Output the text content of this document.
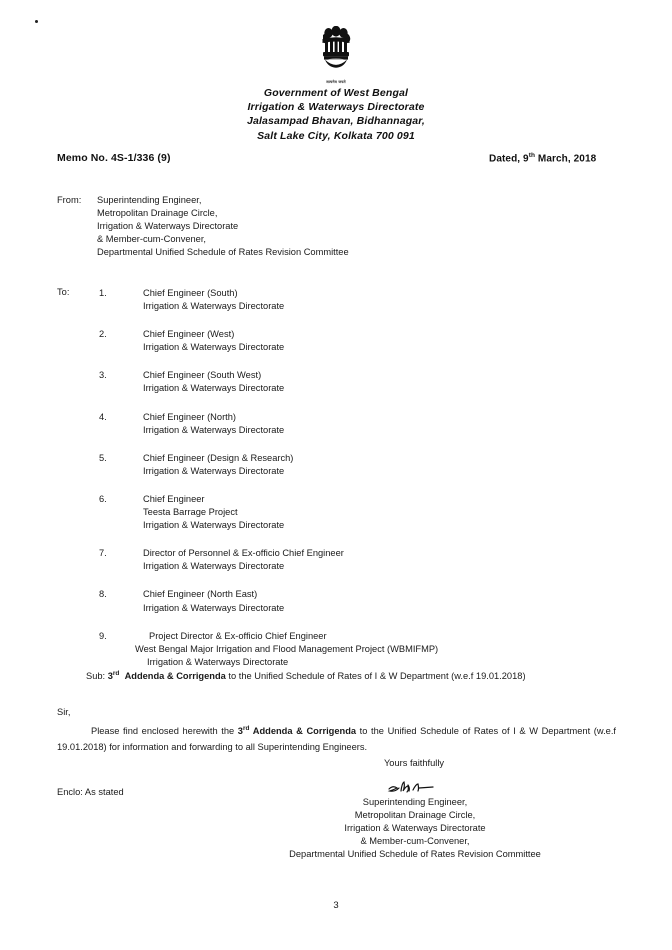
सत्यमेव जयते
Government of West Bengal
Irrigation & Waterways Directorate
Jalasampad Bhavan, Bidhannagar,
Salt Lake City, Kolkata 700 091
Memo No. 4S-1/336 (9)	Dated, 9th March, 2018
From:	Superintending Engineer,
Metropolitan Drainage Circle,
Irrigation & Waterways Directorate
& Member-cum-Convener,
Departmental Unified Schedule of Rates Revision Committee
To:	1.	Chief Engineer (South)
Irrigation & Waterways Directorate
2.	Chief Engineer (West)
Irrigation & Waterways Directorate
3.	Chief Engineer (South West)
Irrigation & Waterways Directorate
4.	Chief Engineer (North)
Irrigation & Waterways Directorate
5.	Chief Engineer (Design & Research)
Irrigation & Waterways Directorate
6.	Chief Engineer
Teesta Barrage Project
Irrigation & Waterways Directorate
7.	Director of Personnel & Ex-officio Chief Engineer
Irrigation & Waterways Directorate
8.	Chief Engineer (North East)
Irrigation & Waterways Directorate
9.	Project Director & Ex-officio Chief Engineer
West Bengal Major Irrigation and Flood Management Project (WBMIFMP)
Irrigation & Waterways Directorate
Sub: 3rd Addenda & Corrigenda to the Unified Schedule of Rates of I & W Department (w.e.f 19.01.2018)
Sir,
Please find enclosed herewith the 3rd Addenda & Corrigenda to the Unified Schedule of Rates of I & W Department (w.e.f 19.01.2018) for information and forwarding to all Superintending Engineers.
Yours faithfully
Enclo: As stated
Superintending Engineer,
Metropolitan Drainage Circle,
Irrigation & Waterways Directorate
& Member-cum-Convener,
Departmental Unified Schedule of Rates Revision Committee
3
